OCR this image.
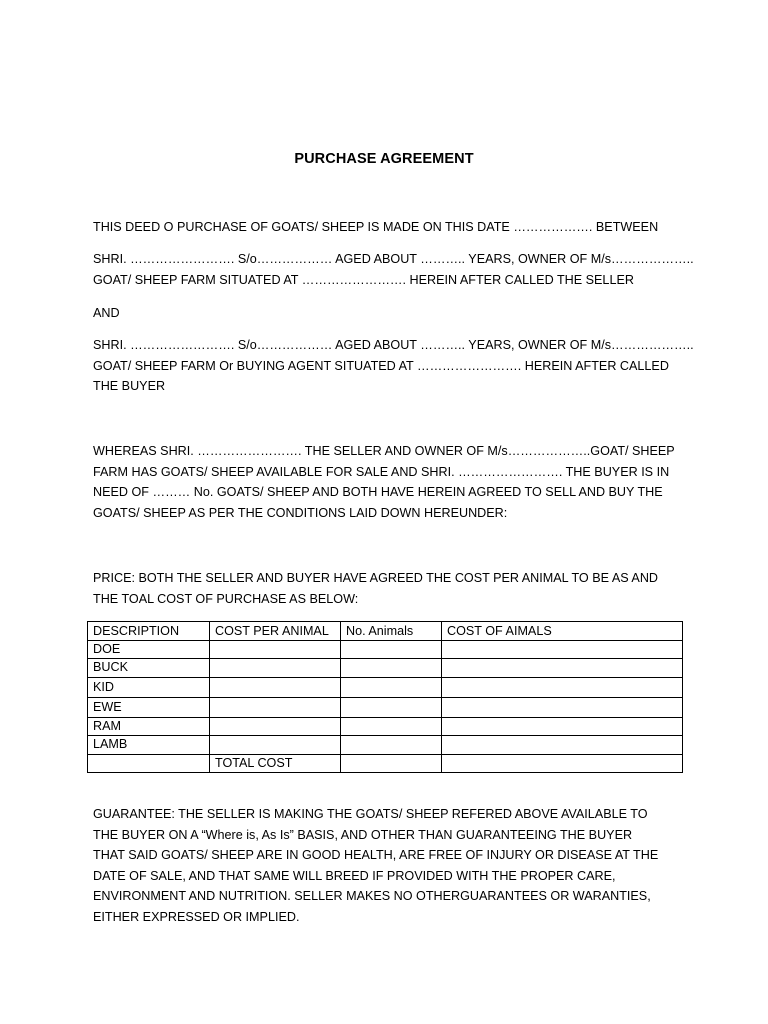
PURCHASE AGREEMENT
THIS DEED O PURCHASE OF GOATS/ SHEEP IS MADE ON THIS DATE ………………. BETWEEN
SHRI. ……………………. S/o……………… AGED ABOUT ……….. YEARS, OWNER OF M/s………………..
GOAT/ SHEEP FARM SITUATED AT ……………………. HEREIN AFTER CALLED THE SELLER
AND
SHRI. ……………………. S/o……………… AGED ABOUT ……….. YEARS, OWNER OF M/s………………..
GOAT/ SHEEP FARM Or BUYING AGENT SITUATED AT ……………………. HEREIN AFTER CALLED
THE BUYER
WHEREAS SHRI. ……………………. THE SELLER AND OWNER OF M/s………………..GOAT/ SHEEP
FARM HAS GOATS/ SHEEP AVAILABLE FOR SALE AND SHRI. ……………………. THE BUYER IS IN
NEED OF ……… No. GOATS/ SHEEP AND BOTH HAVE HEREIN AGREED TO SELL AND BUY THE
GOATS/ SHEEP AS PER THE CONDITIONS LAID DOWN HEREUNDER:
PRICE: BOTH THE SELLER AND BUYER HAVE AGREED THE COST PER ANIMAL TO BE AS AND
THE TOAL COST OF PURCHASE AS BELOW:
DESCRIPTION	COST PER ANIMAL	No. Animals	COST OF AIMALS
DOE			
BUCK			
KID			
EWE			
RAM			
LAMB			
	TOTAL COST		
GUARANTEE: THE SELLER IS MAKING THE GOATS/ SHEEP REFERED ABOVE AVAILABLE TO
THE BUYER ON A “Where is, As Is” BASIS, AND OTHER THAN GUARANTEEING THE BUYER
THAT SAID GOATS/ SHEEP ARE IN GOOD HEALTH, ARE FREE OF INJURY OR DISEASE AT THE
DATE OF SALE, AND THAT SAME WILL BREED IF PROVIDED WITH THE PROPER CARE,
ENVIRONMENT AND NUTRITION. SELLER MAKES NO OTHERGUARANTEES OR WARANTIES,
EITHER EXPRESSED OR IMPLIED.
